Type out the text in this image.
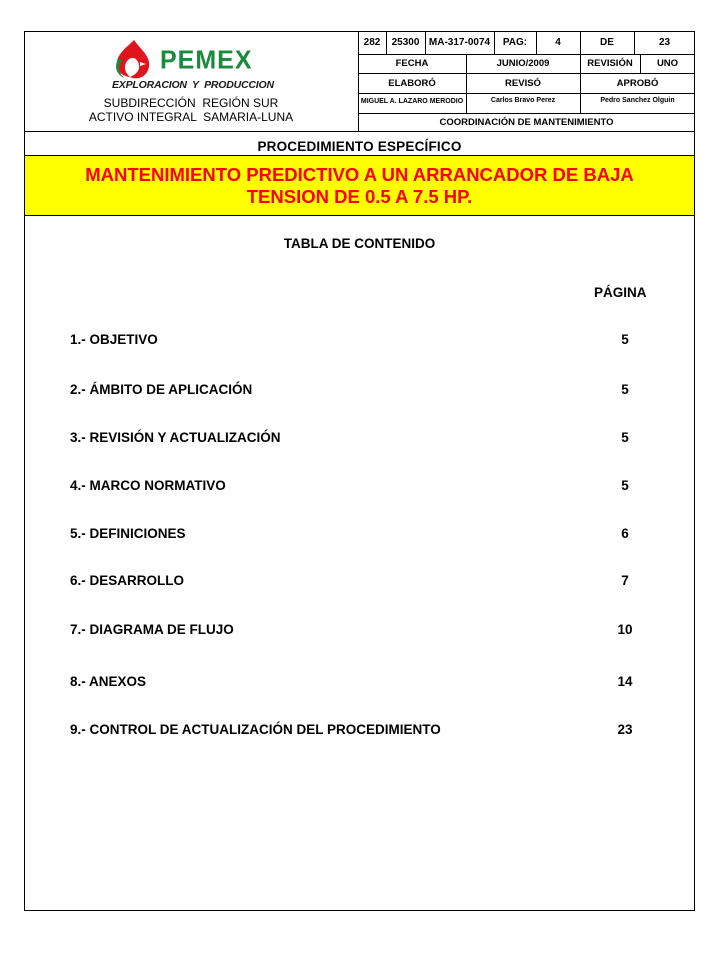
282	25300 MA-317-0074	PAG:	4	DE	23
FECHA	JUNIO/2009	REVISIÓN	UNO
ELABORÓ	REVISÓ	APROBÓ
MIGUEL A. LAZARO MERODIO	Carlos Bravo Perez	Pedro Sanchez Olguin
COORDINACIÓN DE MANTENIMIENTO
PEMEX
EXPLORACION  Y  PRODUCCION
SUBDIRECCIÓN  REGIÓN SUR
ACTIVO INTEGRAL  SAMARIA-LUNA
PROCEDIMIENTO ESPECÍFICO
MANTENIMIENTO PREDICTIVO A UN ARRANCADOR DE BAJA
TENSION DE 0.5 A 7.5 HP.
TABLA DE CONTENIDO
PÁGINA
1.- OBJETIVO	5
2.- ÁMBITO DE APLICACIÓN	5
3.- REVISIÓN Y ACTUALIZACIÓN	5
4.- MARCO NORMATIVO	5
5.- DEFINICIONES	6
6.- DESARROLLO	7
7.- DIAGRAMA DE FLUJO	10
8.- ANEXOS	14
9.- CONTROL DE ACTUALIZACIÓN DEL PROCEDIMIENTO	23
